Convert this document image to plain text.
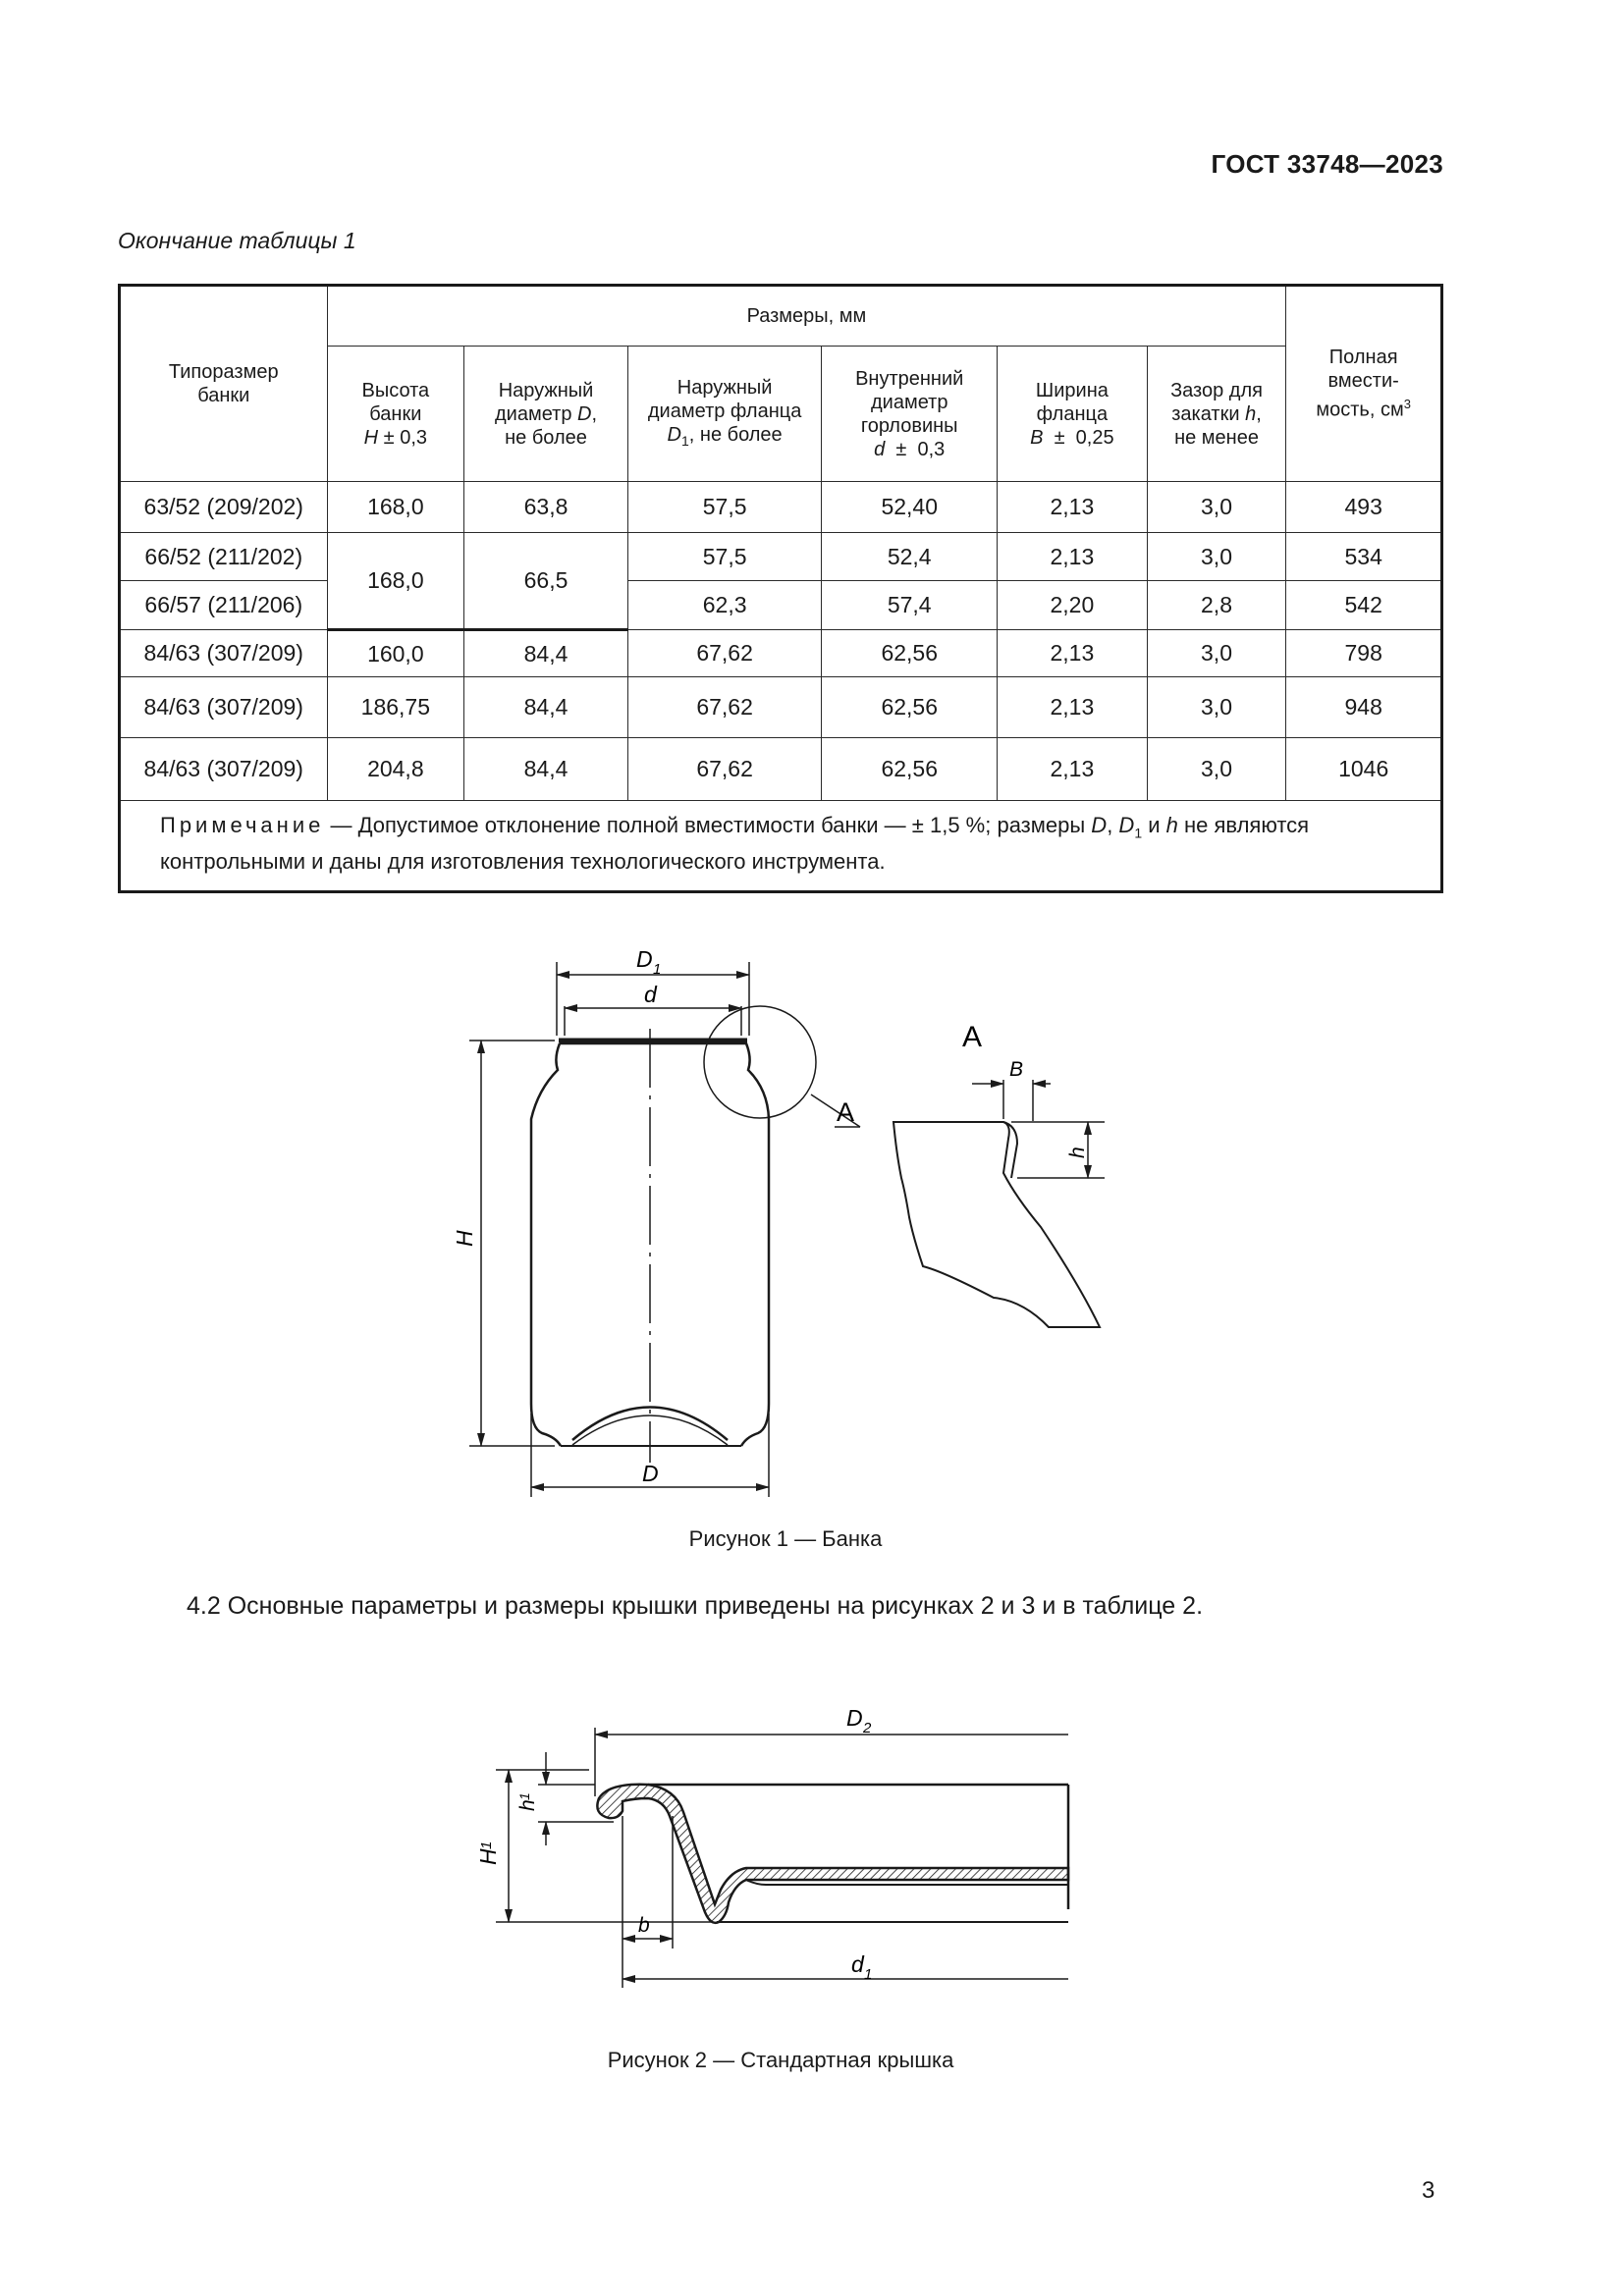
ГОСТ 33748—2023
Окончание таблицы 1
Типоразмер
банки	Размеры, мм						Полная
вмести-
мость, $см^3$
	Высота
банки
H ± 0,3	Наружный
диаметр D,
не более	Наружный
диаметр фланца
$D_1$, не более	Внутренний
диаметр
горловины
d  ±  0,3	Ширина
фланца
B  ±  0,25	Зазор для
закатки h,
не менее	
63/52 (209/202)	168,0	63,8	57,5	52,40	2,13	3,0	493
66/52 (211/202)	168,0	66,5	57,5	52,4	2,13	3,0	534
66/57 (211/206)			62,3	57,4	2,20	2,8	542
84/63 (307/209)	160,0	84,4	67,62	62,56	2,13	3,0	798
84/63 (307/209)	186,75	84,4	67,62	62,56	2,13	3,0	948
84/63 (307/209)	204,8	84,4	67,62	62,56	2,13	3,0	1046
Примечание — Допустимое отклонение полной вместимости банки — ± 1,5 %; размеры D, $D_1$ и h не являются контрольными и даны для изготовления технологического инструмента.							
D 1
d
H
D
A
A
B
h
Рисунок 1 — Банка
4.2 Основные параметры и размеры крышки приведены на рисунках 2 и 3 и в таблице 2.
D 2
d 1
b
h
1
H
1
Рисунок 2 — Стандартная крышка
3
